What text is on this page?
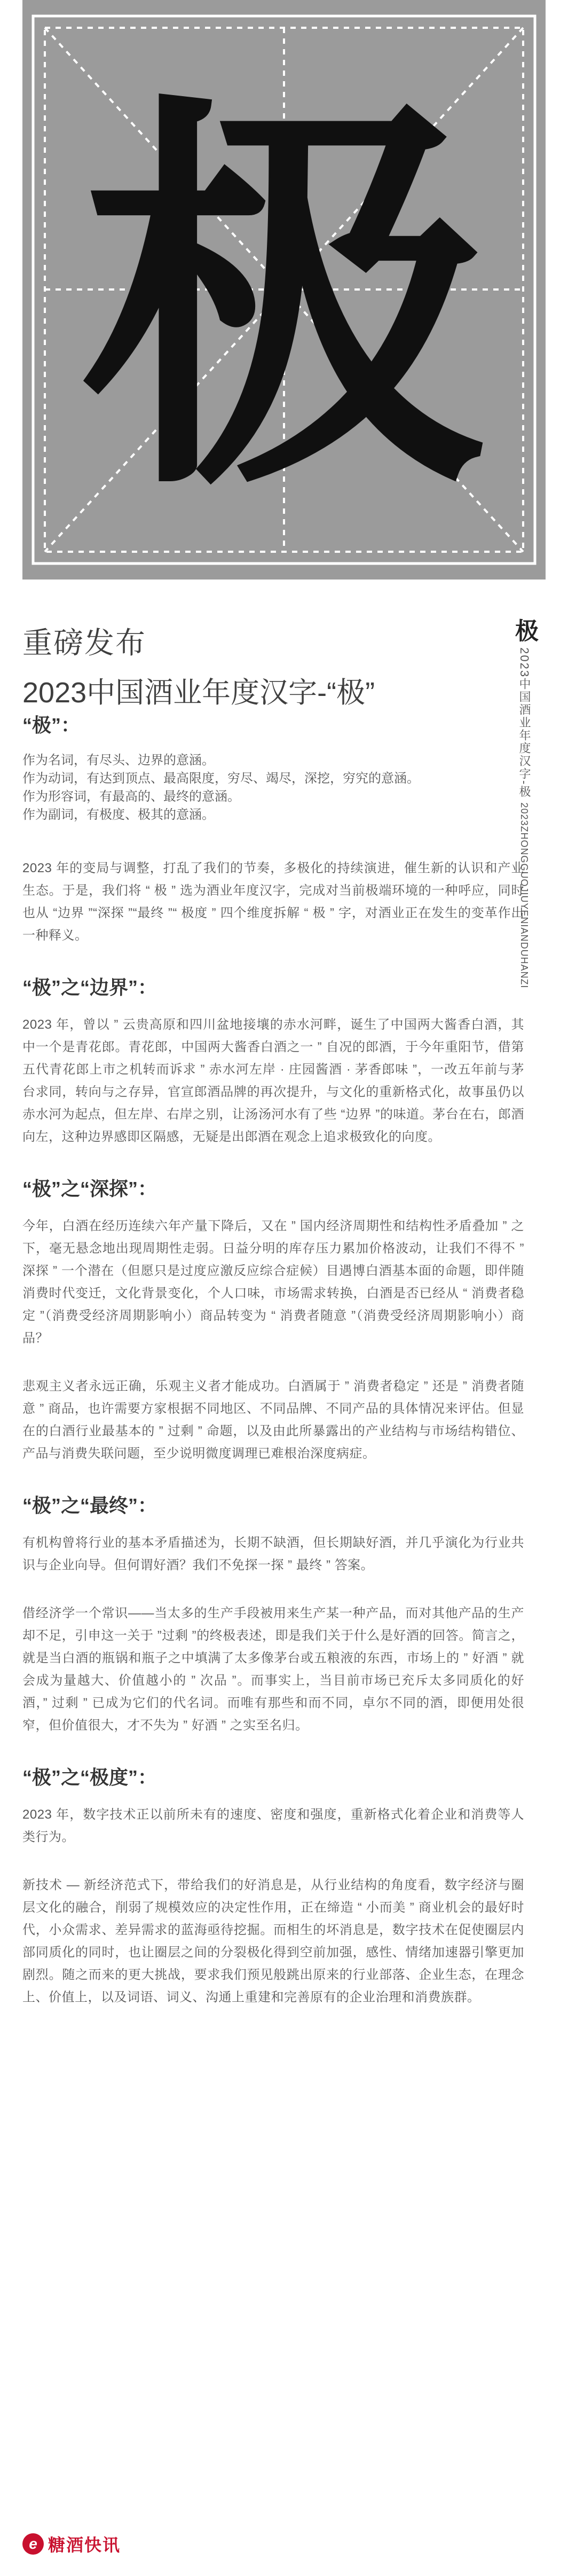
极
极 2023中国酒业年度汉字-极 2023ZHONGGUOJIUYENIANDUHANZI
重磅发布
2023中国酒业年度汉字-“极”
“极”：

作为名词，有尽头、边界的意涵。

作为动词，有达到顶点、最高限度，穷尽、竭尽，深挖，穷究的意涵。

作为形容词，有最高的、最终的意涵。

作为副词，有极度、极其的意涵。

2023 年的变局与调整，打乱了我们的节奏，多极化的持续演进，催生新的认识和产业生态。于是，我们将 “ 极 ” 选为酒业年度汉字，完成对当前极端环境的一种呼应，同时也从 “边界 ”“深探 ”“最终 ”“ 极度 ” 四个维度拆解 “ 极 ” 字，对酒业正在发生的变革作出一种释义。

“极”之“边界”：

2023 年，曾以 ” 云贵高原和四川盆地接壤的赤水河畔，诞生了中国两大酱香白酒，其中一个是青花郎。青花郎，中国两大酱香白酒之一 ” 自况的郎酒，于今年重阳节，借第五代青花郎上市之机转而诉求 ” 赤水河左岸 · 庄园酱酒 · 茅香郎味 ”，一改五年前与茅台求同，转向与之存异，官宣郎酒品牌的再次提升，与文化的重新格式化，故事虽仍以赤水河为起点，但左岸、右岸之别，让汤汤河水有了些 “边界 ”的味道。茅台在右，郎酒向左，这种边界感即区隔感，无疑是出郎酒在观念上追求极致化的向度。

“极”之“深探”：

今年，白酒在经历连续六年产量下降后，又在 ” 国内经济周期性和结构性矛盾叠加 ” 之下，毫无悬念地出现周期性走弱。日益分明的库存压力累加价格波动，让我们不得不 ” 深探 ” 一个潜在（但愿只是过度应激反应综合症候）目遇博白酒基本面的命题，即伴随消费时代变迁，文化背景变化，个人口味，市场需求转换，白酒是否已经从 “ 消费者稳定 ”（消费受经济周期影响小）商品转变为 “ 消费者随意 ”（消费受经济周期影响小）商品？

悲观主义者永远正确，乐观主义者才能成功。白酒属于 ” 消费者稳定 ” 还是 ” 消费者随意 ” 商品，也许需要方家根据不同地区、不同品牌、不同产品的具体情况来评估。但显在的白酒行业最基本的 ” 过剩 ” 命题，以及由此所暴露出的产业结构与市场结构错位、产品与消费失联问题，至少说明微度调理已难根治深度病症。

“极”之“最终”：

有机构曾将行业的基本矛盾描述为，长期不缺酒，但长期缺好酒，并几乎演化为行业共识与企业向导。但何谓好酒？我们不免探一探 ” 最终 ” 答案。

借经济学一个常识——当太多的生产手段被用来生产某一种产品，而对其他产品的生产却不足，引申这一关于 ”过剩 ”的终极表述，即是我们关于什么是好酒的回答。简言之，就是当白酒的瓶锅和瓶子之中填满了太多像茅台或五粮液的东西，市场上的 ” 好酒 ” 就会成为量越大、价值越小的 ” 次品 ”。而事实上，当目前市场已充斥太多同质化的好酒，” 过剩 ” 已成为它们的代名词。而唯有那些和而不同，卓尔不同的酒，即便用处很窄，但价值很大，才不失为 ” 好酒 ” 之实至名归。

“极”之“极度”：

2023 年，数字技术正以前所未有的速度、密度和强度，重新格式化着企业和消费等人类行为。

新技术 — 新经济范式下，带给我们的好消息是，从行业结构的角度看，数字经济与圈层文化的融合，削弱了规模效应的决定性作用，正在缔造 “ 小而美 ” 商业机会的最好时代，小众需求、差异需求的蓝海亟待挖掘。而相生的坏消息是，数字技术在促使圈层内部同质化的同时，也让圈层之间的分裂极化得到空前加强，感性、情绪加速器引擎更加剧烈。随之而来的更大挑战，要求我们预见般跳出原来的行业部落、企业生态，在理念上、价值上，以及词语、词义、沟通上重建和完善原有的企业治理和消费族群。

e 糖酒快讯
